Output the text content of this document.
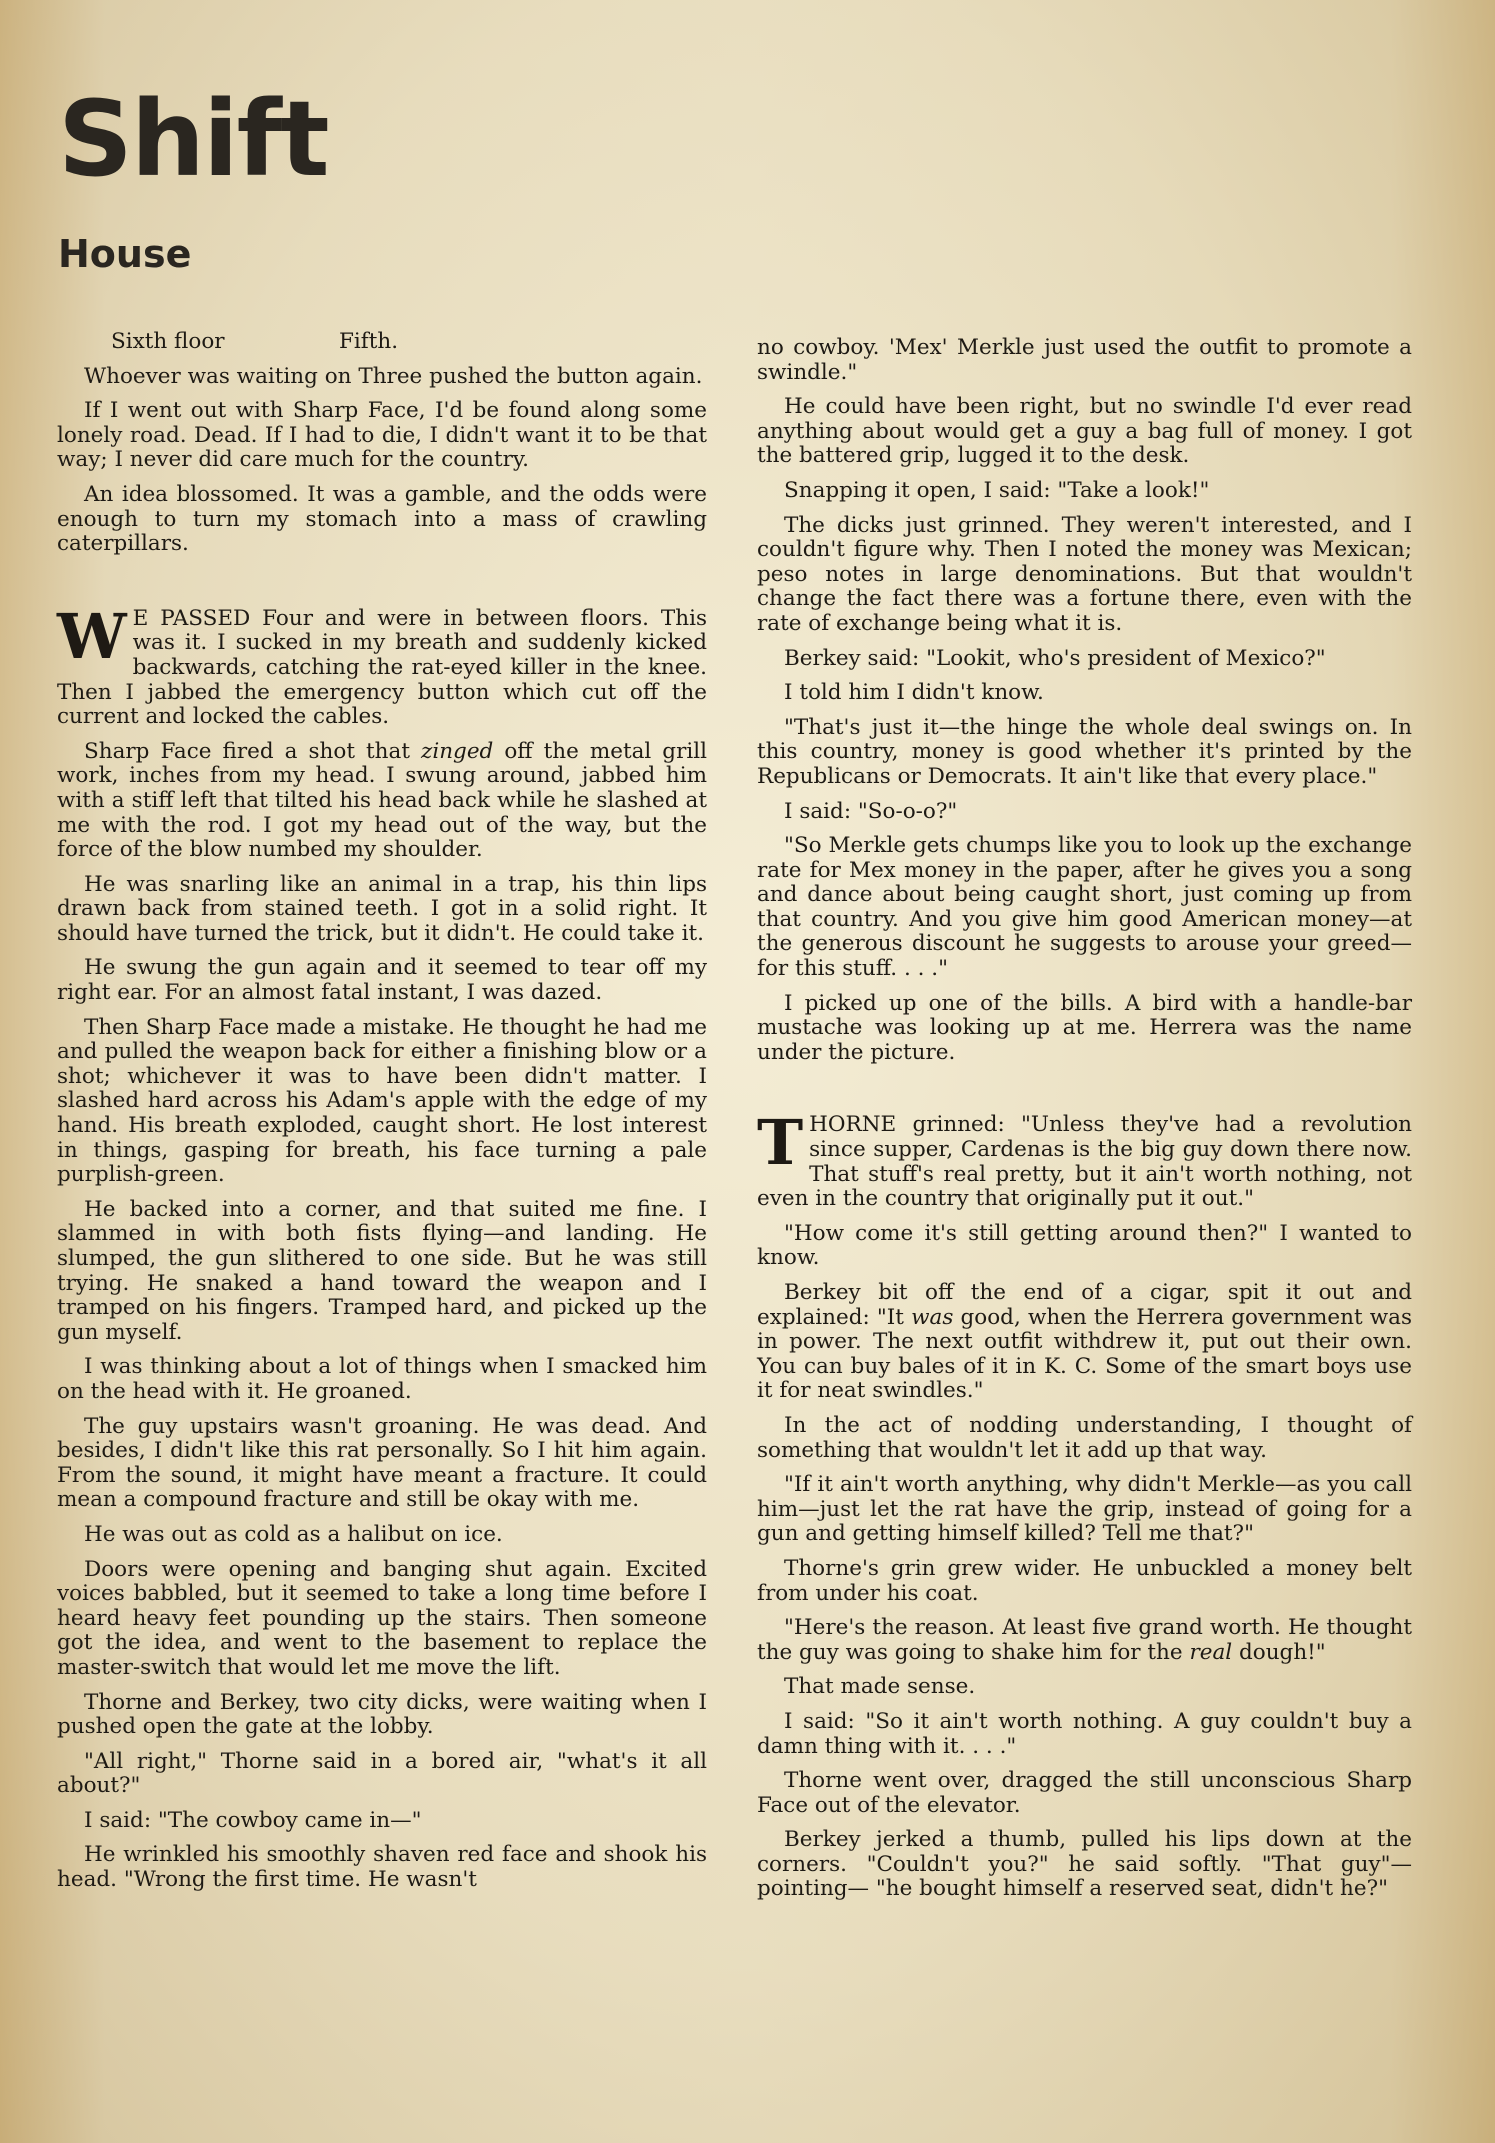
Shift
House

Sixth floor	Fifth.

Whoever was waiting on Three pushed the button again.

If I went out with Sharp Face, I'd be found along some lonely road. Dead. If I had to die, I didn't want it to be that way; I never did care much for the country.

An idea blossomed. It was a gamble, and the odds were enough to turn my stomach into a mass of crawling caterpillars.

W E PASSED Four and were in between floors. This was it. I sucked in my breath and suddenly kicked backwards, catching the rat-eyed killer in the knee. Then I jabbed the emergency button which cut off the current and locked the cables.

Sharp Face fired a shot that zinged off the metal grill work, inches from my head. I swung around, jabbed him with a stiff left that tilted his head back while he slashed at me with the rod. I got my head out of the way, but the force of the blow numbed my shoulder.

He was snarling like an animal in a trap, his thin lips drawn back from stained teeth. I got in a solid right. It should have turned the trick, but it didn't. He could take it.

He swung the gun again and it seemed to tear off my right ear. For an almost fatal instant, I was dazed.

Then Sharp Face made a mistake. He thought he had me and pulled the weapon back for either a finishing blow or a shot; whichever it was to have been didn't matter. I slashed hard across his Adam's apple with the edge of my hand. His breath exploded, caught short. He lost interest in things, gasping for breath, his face turning a pale purplish-green.

He backed into a corner, and that suited me fine. I slammed in with both fists flying—and landing. He slumped, the gun slithered to one side. But he was still trying. He snaked a hand toward the weapon and I tramped on his fingers. Tramped hard, and picked up the gun myself.

I was thinking about a lot of things when I smacked him on the head with it. He groaned.

The guy upstairs wasn't groaning. He was dead. And besides, I didn't like this rat personally. So I hit him again. From the sound, it might have meant a fracture. It could mean a compound fracture and still be okay with me.

He was out as cold as a halibut on ice.

Doors were opening and banging shut again. Excited voices babbled, but it seemed to take a long time before I heard heavy feet pounding up the stairs. Then someone got the idea, and went to the basement to replace the master-switch that would let me move the lift.

Thorne and Berkey, two city dicks, were waiting when I pushed open the gate at the lobby.

"All right," Thorne said in a bored air, "what's it all about?"

I said: "The cowboy came in—"

He wrinkled his smoothly shaven red face and shook his head. "Wrong the first time. He wasn't

no cowboy. 'Mex' Merkle just used the outfit to promote a swindle."

He could have been right, but no swindle I'd ever read anything about would get a guy a bag full of money. I got the battered grip, lugged it to the desk.

Snapping it open, I said: "Take a look!"

The dicks just grinned. They weren't interested, and I couldn't figure why. Then I noted the money was Mexican; peso notes in large denominations. But that wouldn't change the fact there was a fortune there, even with the rate of exchange being what it is.

Berkey said: "Lookit, who's president of Mexico?"

I told him I didn't know.

"That's just it—the hinge the whole deal swings on. In this country, money is good whether it's printed by the Republicans or Democrats. It ain't like that every place."

I said: "So-o-o?"

"So Merkle gets chumps like you to look up the exchange rate for Mex money in the paper, after he gives you a song and dance about being caught short, just coming up from that country. And you give him good American money—at the generous discount he suggests to arouse your greed—for this stuff. . . ."

I picked up one of the bills. A bird with a handle-bar mustache was looking up at me. Herrera was the name under the picture.

THORNE grinned: "Unless they've had a revolution since supper, Cardenas is the big guy down there now. That stuff's real pretty, but it ain't worth nothing, not even in the country that originally put it out."

"How come it's still getting around then?" I wanted to know.

Berkey bit off the end of a cigar, spit it out and explained: "It was good, when the Herrera government was in power. The next outfit withdrew it, put out their own. You can buy bales of it in K. C. Some of the smart boys use it for neat swindles."

In the act of nodding understanding, I thought of something that wouldn't let it add up that way.

"If it ain't worth anything, why didn't Merkle—as you call him—just let the rat have the grip, instead of going for a gun and getting himself killed? Tell me that?"

Thorne's grin grew wider. He unbuckled a money belt from under his coat.

"Here's the reason. At least five grand worth. He thought the guy was going to shake him for the real dough!"

That made sense.

I said: "So it ain't worth nothing. A guy couldn't buy a damn thing with it. . . ."

Thorne went over, dragged the still unconscious Sharp Face out of the elevator.

Berkey jerked a thumb, pulled his lips down at the corners. "Couldn't you?" he said softly. "That guy"—pointing— "he bought himself a reserved seat, didn't he?"
